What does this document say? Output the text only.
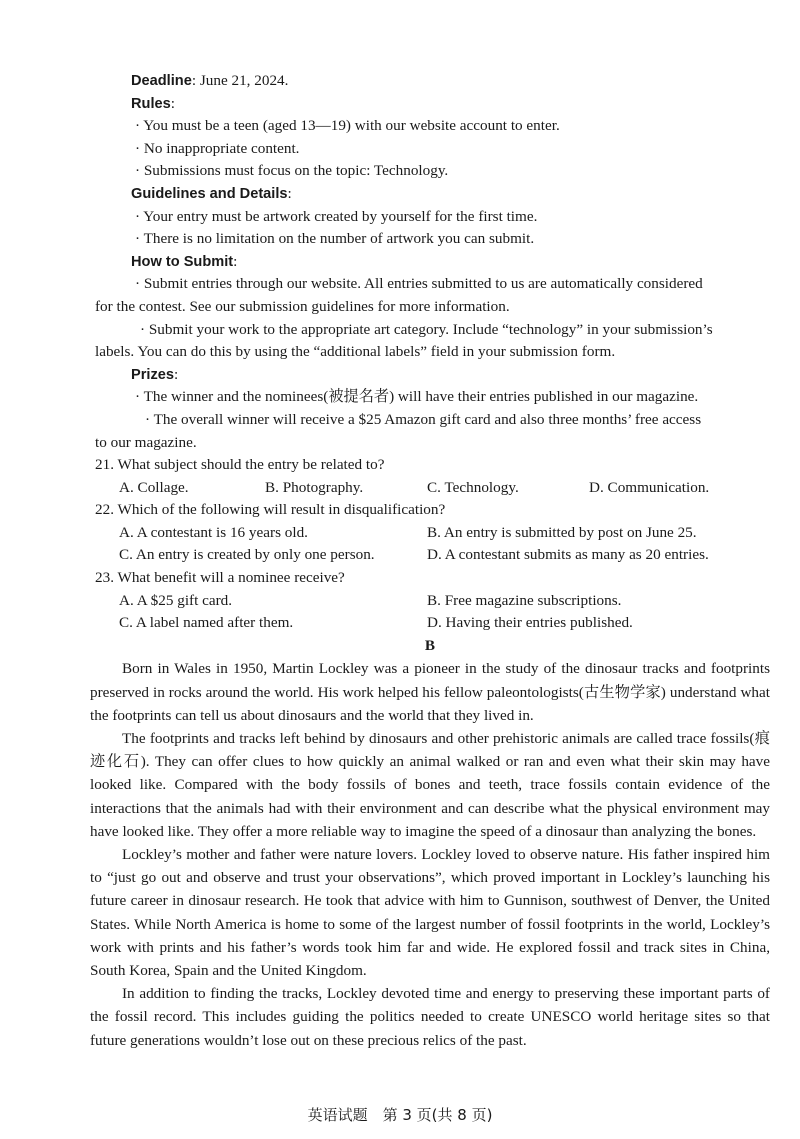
Deadline: June 21, 2024.
Rules:
· You must be a teen (aged 13—19) with our website account to enter.
· No inappropriate content.
· Submissions must focus on the topic: Technology.
Guidelines and Details:
· Your entry must be artwork created by yourself for the first time.
· There is no limitation on the number of artwork you can submit.
How to Submit:
· Submit entries through our website. All entries submitted to us are automatically considered
for the contest. See our submission guidelines for more information.
· Submit your work to the appropriate art category. Include “technology” in your submission’s
labels. You can do this by using the “additional labels” field in your submission form.
Prizes:
· The winner and the nominees(被提名者) will have their entries published in our magazine.
· The overall winner will receive a $25 Amazon gift card and also three months’ free access
to our magazine.
21. What subject should the entry be related to?
A. Collage.	B. Photography.	C. Technology.	D. Communication.
22. Which of the following will result in disqualification?
A. A contestant is 16 years old.	B. An entry is submitted by post on June 25.
C. An entry is created by only one person.	D. A contestant submits as many as 20 entries.
23. What benefit will a nominee receive?
A. A $25 gift card.	B. Free magazine subscriptions.
C. A label named after them.	D. Having their entries published.
B

Born in Wales in 1950, Martin Lockley was a pioneer in the study of the dinosaur tracks and footprints preserved in rocks around the world. His work helped his fellow paleontologists(古生物学家) understand what the footprints can tell us about dinosaurs and the world that they lived in.

The footprints and tracks left behind by dinosaurs and other prehistoric animals are called trace fossils(痕迹化石). They can offer clues to how quickly an animal walked or ran and even what their skin may have looked like. Compared with the body fossils of bones and teeth, trace fossils contain evidence of the interactions that the animals had with their environment and can describe what the physical environment may have looked like. They offer a more reliable way to imagine the speed of a dinosaur than analyzing the bones.

Lockley’s mother and father were nature lovers. Lockley loved to observe nature. His father inspired him to “just go out and observe and trust your observations”, which proved important in Lockley’s launching his future career in dinosaur research. He took that advice with him to Gunnison, southwest of Denver, the United States. While North America is home to some of the largest number of fossil footprints in the world, Lockley’s work with prints and his father’s words took him far and wide. He explored fossil and track sites in China, South Korea, Spain and the United Kingdom.

In addition to finding the tracks, Lockley devoted time and energy to preserving these important parts of the fossil record. This includes guiding the politics needed to create UNESCO world heritage sites so that future generations wouldn’t lose out on these precious relics of the past.

英语试题　第 3 页(共 8 页)
